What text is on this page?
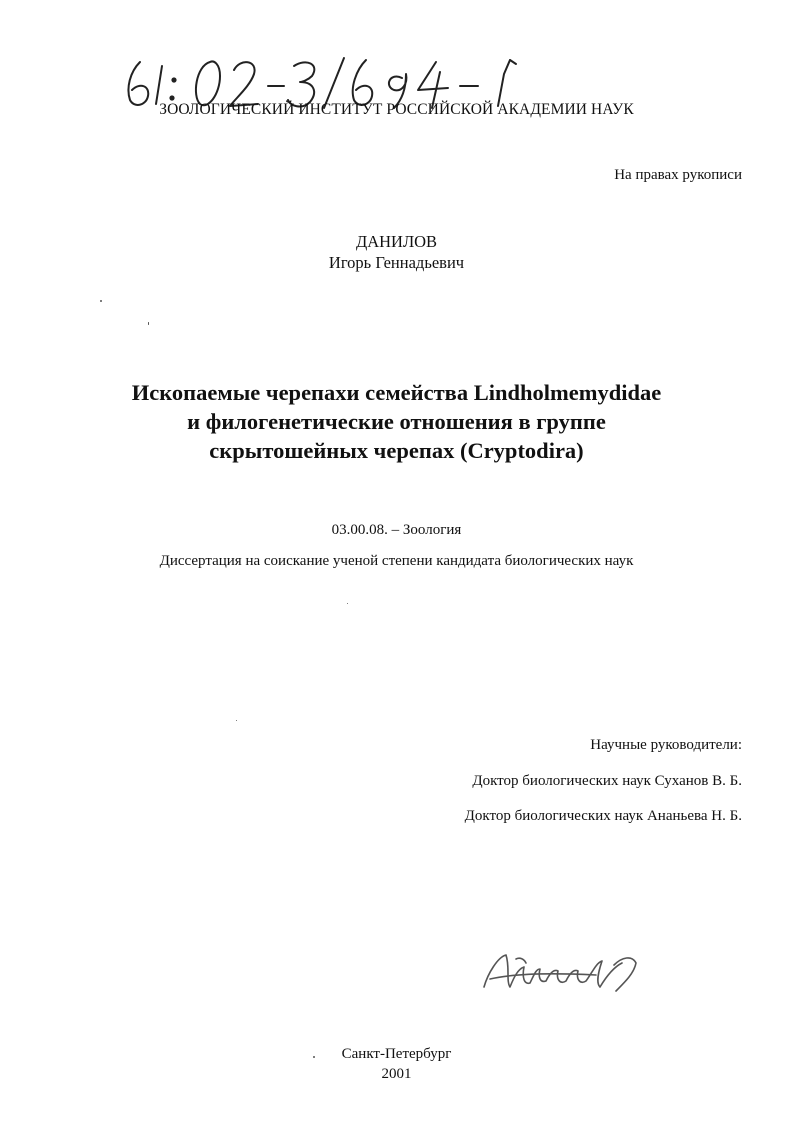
ЗООЛОГИЧЕСКИЙ ИНСТИТУТ РОССИЙСКОЙ АКАДЕМИИ НАУК
На правах рукописи
ДАНИЛОВ
Игорь Геннадьевич
Ископаемые черепахи семейства Lindholmemydidae
и филогенетические отношения в группе
скрытошейных черепах (Cryptodira)
03.00.08. – Зоология
Диссертация на соискание ученой степени кандидата биологических наук
Научные руководители:
Доктор биологических наук Суханов В. Б.
Доктор биологических наук Ананьева Н. Б.
Санкт-Петербург
2001
